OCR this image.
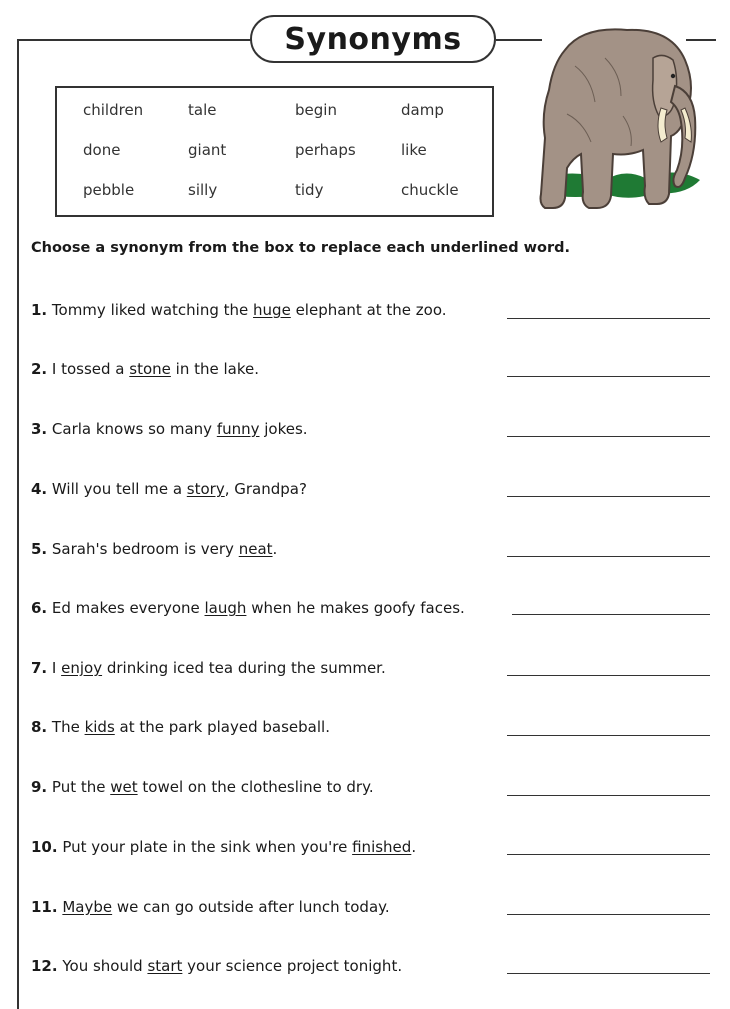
Synonyms
children	tale	begin	damp
done	giant	perhaps	like
pebble	silly	tidy	chuckle
Choose a synonym from the box to replace each underlined word.
1. Tommy liked watching the huge elephant at the zoo.
2. I tossed a stone in the lake.
3. Carla knows so many funny jokes.
4. Will you tell me a story, Grandpa?
5. Sarah's bedroom is very neat.
6. Ed makes everyone laugh when he makes goofy faces.
7. I enjoy drinking iced tea during the summer.
8. The kids at the park played baseball.
9. Put the wet towel on the clothesline to dry.
10. Put your plate in the sink when you're finished.
11. Maybe we can go outside after lunch today.
12. You should start your science project tonight.
